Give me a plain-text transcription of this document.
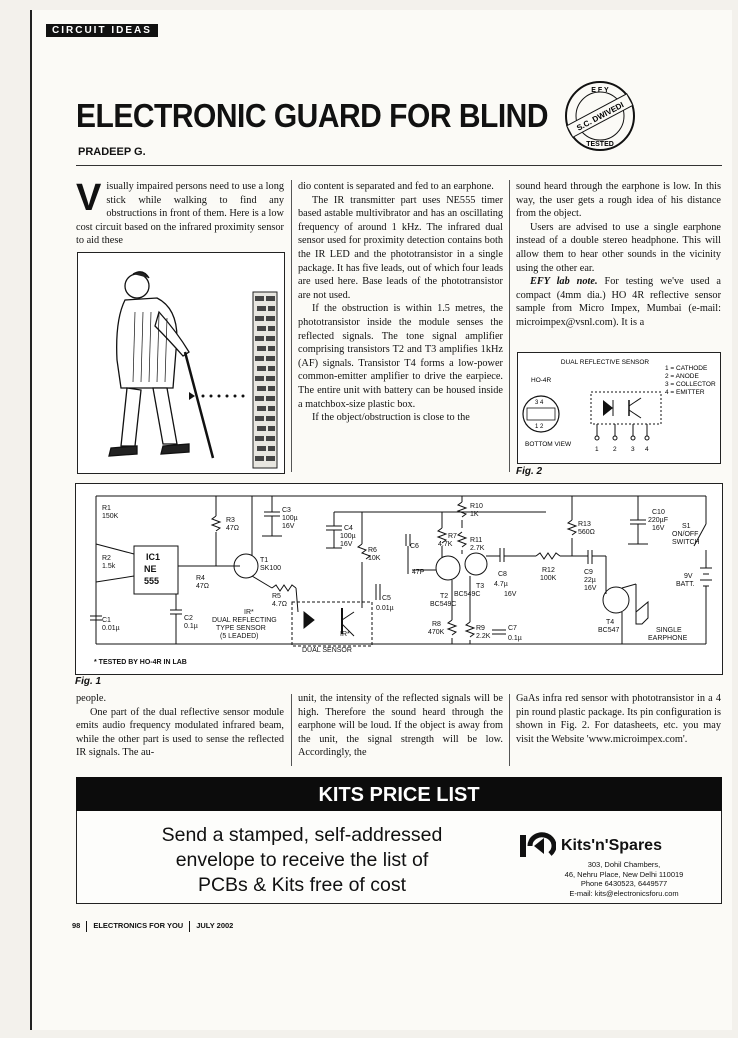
CIRCUIT IDEAS
ELECTRONIC GUARD FOR BLIND
E F Y
S.C. DWIVEDI
TESTED
PRADEEP G.

Visually impaired persons need to use a long stick while walking to find any obstructions in front of them. Here is a low cost circuit based on the infrared proximity sensor to aid these

dio content is separated and fed to an earphone.

The IR transmitter part uses NE555 timer based astable multivibrator and has an oscillating frequency of around 1 kHz. The infrared dual sensor used for proximity detection contains both the IR LED and the phototransistor in a single package. It has five leads, out of which four leads are used here. Base leads of the phototransistor are not used.

If the obstruction is within 1.5 metres, the phototransistor inside the module senses the reflected signals. The tone signal amplifier comprising transistors T2 and T3 amplifies 1kHz (AF) signals. Transistor T4 forms a low-power common-emitter amplifier to drive the earpiece. The entire unit with battery can be housed inside a matchbox-size plastic box.

If the object/obstruction is close to the

sound heard through the earphone is low. In this way, the user gets a rough idea of his distance from the object.

Users are advised to use a single earphone instead of a double stereo headphone. This will allow them to hear other sounds in the vicinity using the other ear.

EFY lab note. For testing we've used a compact (4mm dia.) HO 4R reflective sensor sample from Micro Impex, Mumbai (e-mail: microimpex@vsnl.com). It is a

DUAL REFLECTIVE SENSOR
HO-4R
1 = CATHODE
2 = ANODE
3 = COLLECTOR
4 = EMITTER
3 4
1 2
BOTTOM VIEW
1 2 3 4
Fig. 2
R1
150K
R2
1.5k
C1
0.01µ
IC1
NE
555
C2
0.1µ
R3
47Ω
R4
47Ω
C3
100µ
16V
T1
SK100
R5
4.7Ω
IR*
DUAL REFLECTING
TYPE SENSOR
(5 LEADED)
C4
100µ
16V
R6
10K
C5
0.01µ
IR*
DUAL SENSOR
C6
47P
R7
4.7K
R10
1K
R11
2.7K
T2
BC549C
T3
BC549C
C8
4.7µ
16V
R8
470K
R9
2.2K
C7
0.1µ
R13
560Ω
R12
100K
C9
22µ
16V
T4
BC547
C10
220µF
16V	S1
ON/OFF
SWITCH
9V
BATT.
SINGLE
EARPHONE
* TESTED BY HO-4R IN LAB
Fig. 1

people.

One part of the dual reflective sensor module emits audio frequency modulated infrared beam, while the other part is used to sense the reflected IR signals. The au-

unit, the intensity of the reflected signals will be high. Therefore the sound heard through the earphone will be loud. If the object is away from the unit, the signal strength will be low. Accordingly, the

GaAs infra red sensor with phototransistor in a 4 pin round plastic package. Its pin configuration is shown in Fig. 2. For datasheets, etc. you may visit the Website 'www.microimpex.com'.

KITS PRICE LIST
Send a stamped, self-addressed
envelope to receive the list of
PCBs & Kits free of cost
Kits'n'Spares
303, Dohil Chambers,
46, Nehru Place, New Delhi 110019
Phone 6430523, 6449577
E-mail: kits@electronicsforu.com
98 ELECTRONICS FOR YOU JULY 2002
